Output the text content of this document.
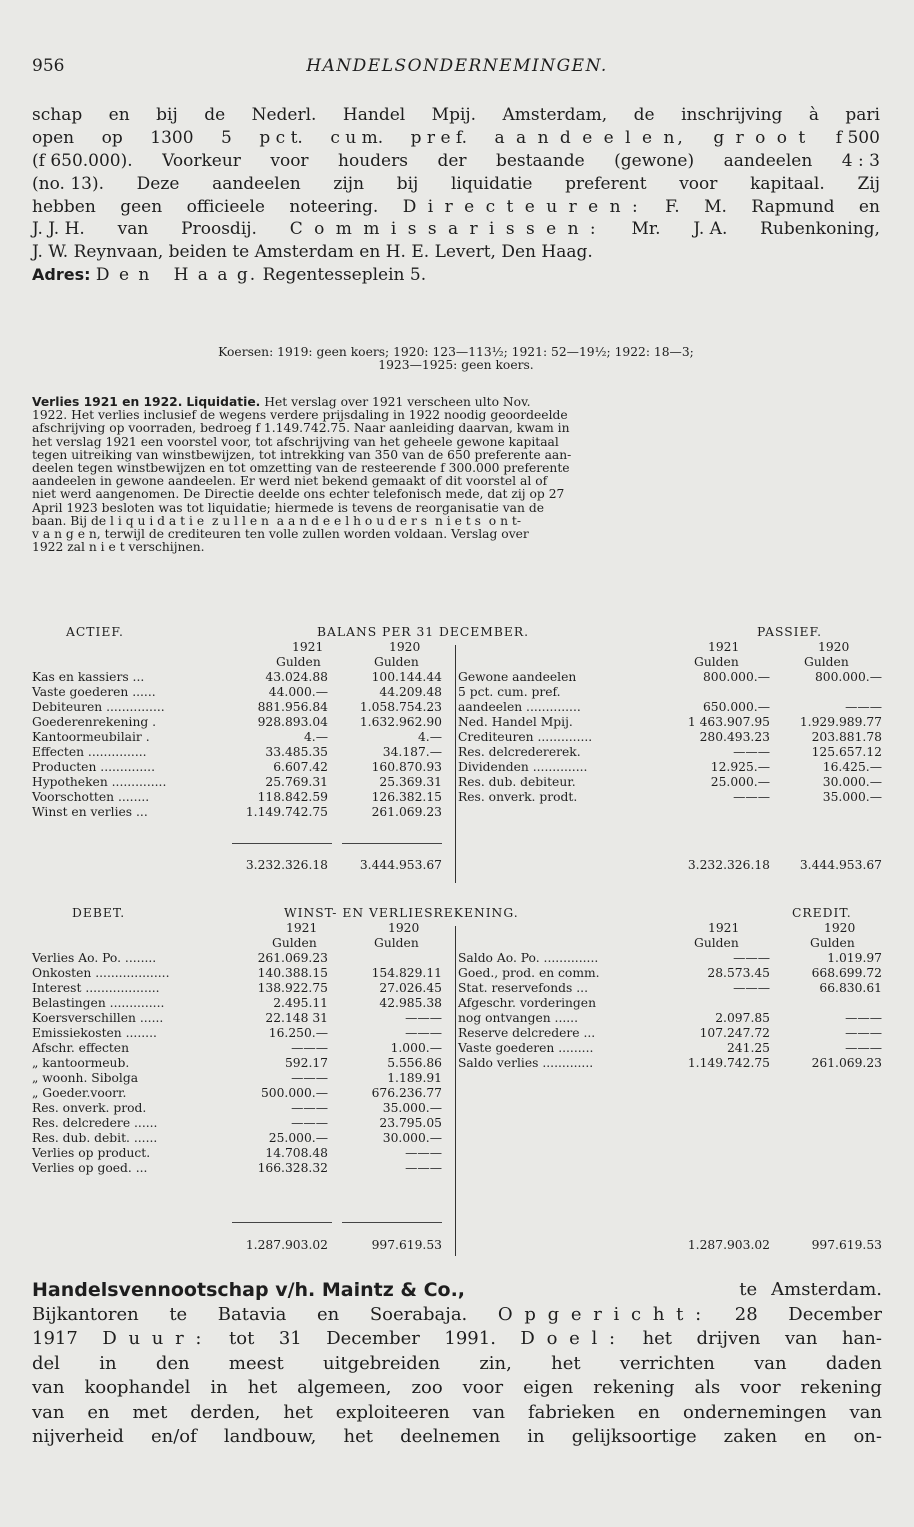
956	HANDELSONDERNEMINGEN.
schap en bij de Nederl. Handel Mpij. Amsterdam, de inschrijving à pari
open op 1300 5 p c t. c u m. p r e f. a a n d e e l e n, g r o o t f 500
(f 650.000). Voorkeur voor houders der bestaande (gewone) aandeelen 4 : 3
(no. 13). Deze aandeelen zijn bij liquidatie preferent voor kapitaal. Zij
hebben geen officieele noteering. D i r e c t e u r e n : F. M. Rapmund en
J. J. H. van Proosdij. C o m m i s s a r i s s e n : Mr. J. A. Rubenkoning,
J. W. Reynvaan, beiden te Amsterdam en H. E. Levert, Den Haag.
Adres: D e n   H a a g. Regentesseplein 5.
Koersen: 1919: geen koers; 1920: 123—113½; 1921: 52—19½; 1922: 18—3;
1923—1925: geen koers.
Verlies 1921 en 1922. Liquidatie. Het verslag over 1921 verscheen ulto Nov.
1922. Het verlies inclusief de wegens verdere prijsdaling in 1922 noodig geoordeelde
afschrijving op voorraden, bedroeg f 1.149.742.75. Naar aanleiding daarvan, kwam in
het verslag 1921 een voorstel voor, tot afschrijving van het geheele gewone kapitaal
tegen uitreiking van winstbewijzen, tot intrekking van 350 van de 650 preferente aan-
deelen tegen winstbewijzen en tot omzetting van de resteerende f 300.000 preferente
aandeelen in gewone aandeelen. Er werd niet bekend gemaakt of dit voorstel al of
niet werd aangenomen. De Directie deelde ons echter telefonisch mede, dat zij op 27
April 1923 besloten was tot liquidatie; hiermede is tevens de reorganisatie van de
baan. Bij de l i q u i d a t i e  z u l l e n  a a n d e e l h o u d e r s  n i e t s  o n t-
v a n g e n, terwijl de crediteuren ten volle zullen worden voldaan. Verslag over
1922 zal n i e t verschijnen.
ACTIEF.	BALANS PER 31 DECEMBER.	PASSIEF.
1921	1920	1921	1920
Gulden	Gulden	Gulden	Gulden
Kas en kassiers ...	43.024.88	100.144.44
Vaste goederen ......	44.000.—	44.209.48
Debiteuren ...............	881.956.84	1.058.754.23
Goederenrekening .	928.893.04	1.632.962.90
Kantoormeubilair .	4.—	4.—
Effecten ...............	33.485.35	34.187.—
Producten ..............	6.607.42	160.870.93
Hypotheken ..............	25.769.31	25.369.31
Voorschotten ........	118.842.59	126.382.15
Winst en verlies ...	1.149.742.75	261.069.23
Gewone aandeelen	800.000.—	800.000.—
5 pct. cum. pref.
aandeelen ..............	650.000.—	———
Ned. Handel Mpij.	1 463.907.95 1.929.989.77
Crediteuren ..............	280.493.23	203.881.78
Res. delcredererek.	———	125.657.12
Dividenden ..............	12.925.—	16.425.—
Res. dub. debiteur.	25.000.—	30.000.—
Res. onverk. prodt.	———	35.000.—
3.232.326.18	3.444.953.67	3.232.326.18 3.444.953.67
DEBET.	WINST- EN VERLIESREKENING.	CREDIT.
1921	1920	1921	1920
Gulden	Gulden	Gulden	Gulden
Verlies Ao. Po. ........	261.069.23
Onkosten ...................	140.388.15	154.829.11
Interest ...................	138.922.75	27.026.45
Belastingen ..............	2.495.11	42.985.38
Koersverschillen ......	22.148 31	———
Emissiekosten ........	16.250.—	———
Afschr. effecten	———	1.000.—
„ kantoormeub.	592.17	5.556.86
„ woonh. Sibolga	———	1.189.91
„ Goeder.voorr.	500.000.—	676.236.77
Res. onverk. prod.	———	35.000.—
Res. delcredere ......	———	23.795.05
Res. dub. debit. ......	25.000.—	30.000.—
Verlies op product.	14.708.48	———
Verlies op goed. ...	166.328.32	———
Saldo Ao. Po. ..............	———	1.019.97
Goed., prod. en comm.	28.573.45	668.699.72
Stat. reservefonds ...	———	66.830.61
Afgeschr. vorderingen
nog ontvangen ......	2.097.85	———
Reserve delcredere ...	107.247.72	———
Vaste goederen .........	241.25	———
Saldo verlies .............	1.149.742.75	261.069.23
1.287.903.02	997.619.53	1.287.903.02	997.619.53
Handelsvennootschap v/h. Maintz & Co.,	te Amsterdam.
Bijkantoren te Batavia en Soerabaja. O p g e r i c h t : 28 December
1917 D u u r : tot 31 December 1991. D o e l : het drijven van han-
del in den meest uitgebreiden zin, het verrichten van daden
van koophandel in het algemeen, zoo voor eigen rekening als voor rekening
van en met derden, het exploiteeren van fabrieken en ondernemingen van
nijverheid en/of landbouw, het deelnemen in gelijksoortige zaken en on-
